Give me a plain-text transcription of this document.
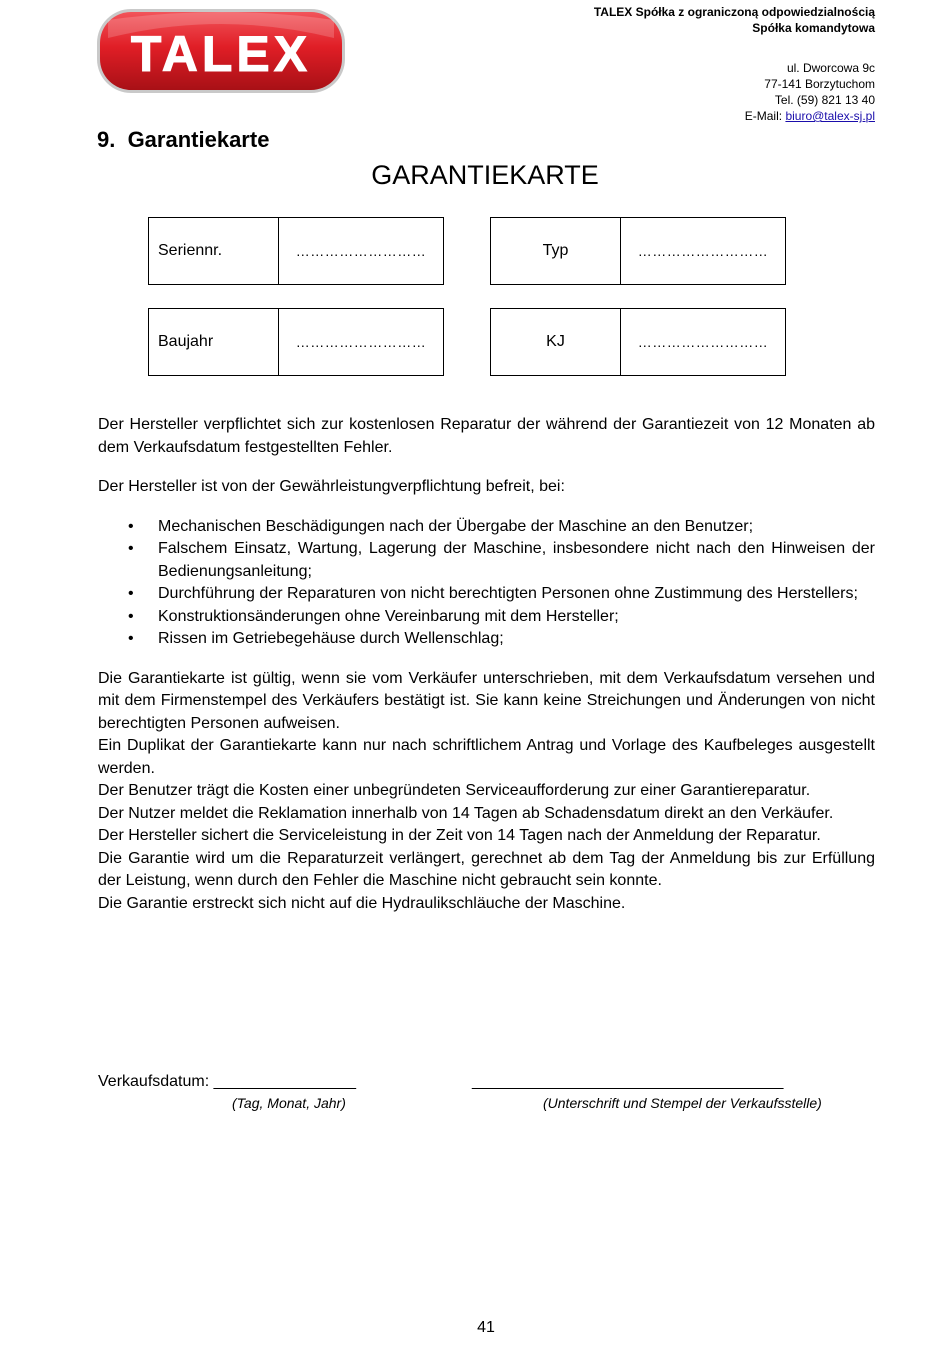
TALEX
TALEX Spółka z ograniczoną odpowiedzialnością
Spółka komandytowa
ul. Dworcowa 9c
77-141 Borzytuchom
Tel. (59) 821 13 40
E-Mail: biuro@talex-sj.pl
9.  Garantiekarte
GARANTIEKARTE
Seriennr.	………………………	Typ	………………………
Baujahr	………………………	KJ	………………………

Der Hersteller verpflichtet sich zur kostenlosen Reparatur der während der Garantiezeit von 12 Monaten ab dem Verkaufsdatum festgestellten Fehler.

Der Hersteller ist von der Gewährleistungverpflichtung befreit, bei:

• Mechanischen Beschädigungen nach der Übergabe der Maschine an den Benutzer;
• Falschem Einsatz, Wartung, Lagerung der Maschine, insbesondere nicht nach den Hinweisen der Bedienungsanleitung;
• Durchführung der Reparaturen von nicht berechtigten Personen ohne Zustimmung des Herstellers;
• Konstruktionsänderungen ohne Vereinbarung mit dem Hersteller;
• Rissen im Getriebegehäuse durch Wellenschlag;

Die Garantiekarte ist gültig, wenn sie vom Verkäufer unterschrieben, mit dem Verkaufsdatum versehen und mit dem Firmenstempel des Verkäufers bestätigt ist. Sie kann keine Streichungen und Änderungen von nicht berechtigten Personen aufweisen.

Ein Duplikat der Garantiekarte kann nur nach schriftlichem Antrag und Vorlage des Kaufbeleges ausgestellt werden.

Der Benutzer trägt die Kosten einer unbegründeten Serviceaufforderung zur einer Garantiereparatur.

Der Nutzer meldet die Reklamation innerhalb von 14 Tagen ab Schadensdatum direkt an den Verkäufer.

Der Hersteller sichert die Serviceleistung in der Zeit von 14 Tagen nach der Anmeldung der Reparatur.

Die Garantie wird um die Reparaturzeit verlängert, gerechnet ab dem Tag der Anmeldung bis zur Erfüllung der Leistung, wenn durch den Fehler die Maschine nicht gebraucht sein konnte.

Die Garantie erstreckt sich nicht auf die Hydraulikschläuche der Maschine.

Verkaufsdatum: ________________
(Tag, Monat, Jahr)
___________________________________
(Unterschrift und Stempel der Verkaufsstelle)
41
